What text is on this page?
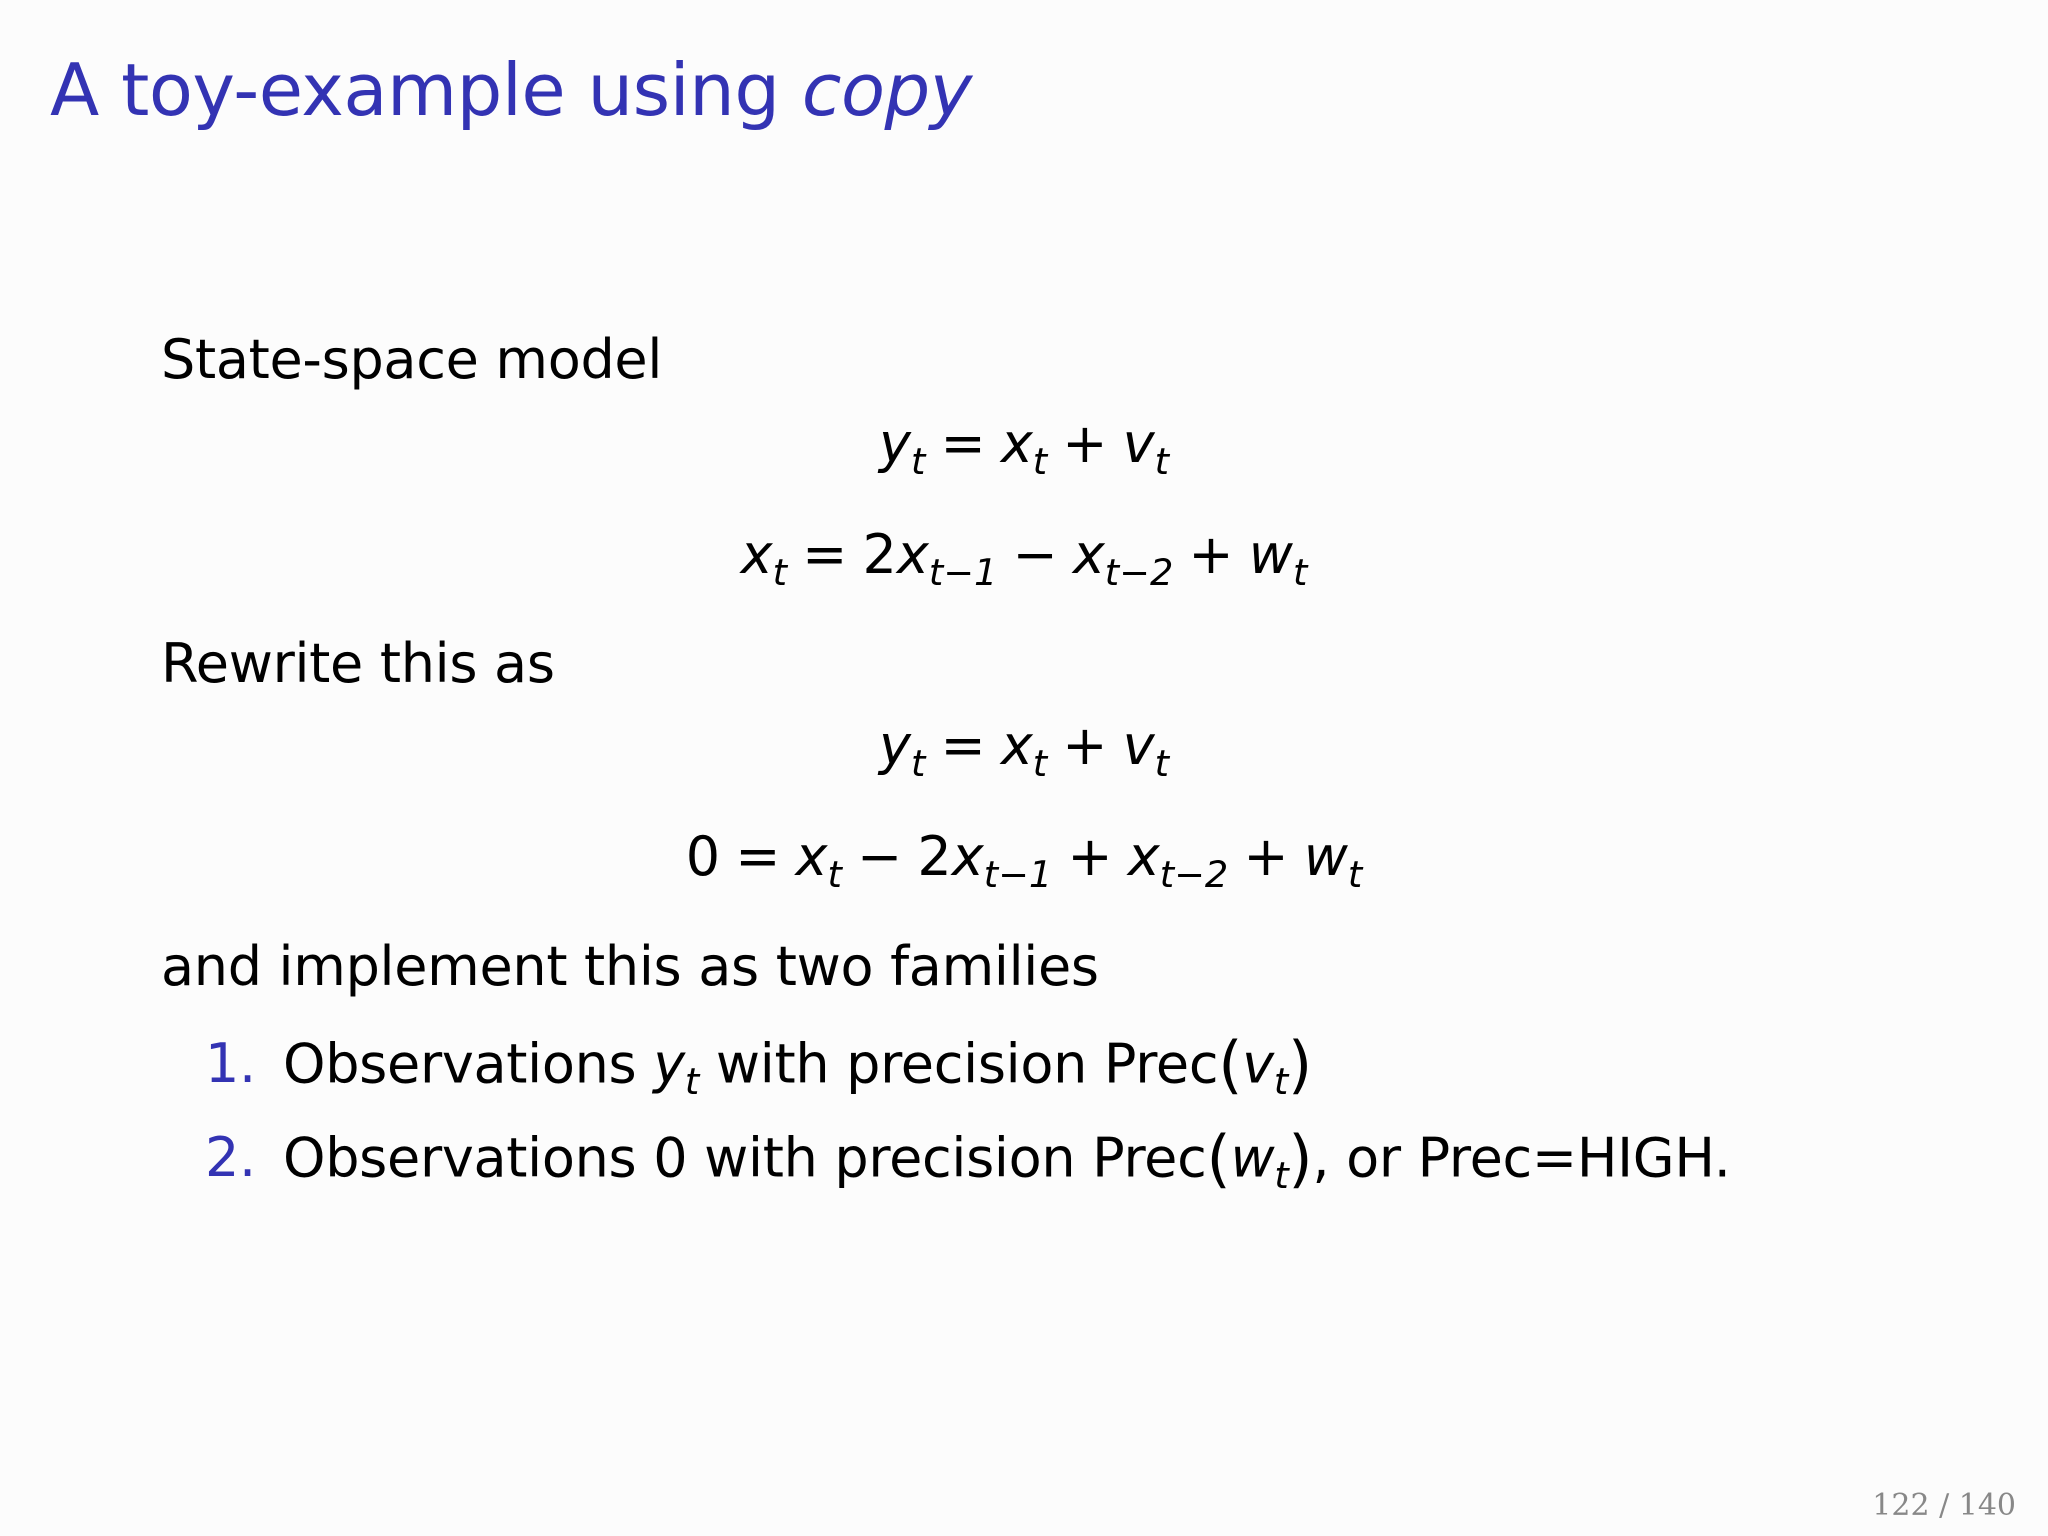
A toy-example using copy
State-space model
$y_t = x_t + v_t$
$x_t = 2x_{t-1} - x_{t-2} + w_t$
Rewrite this as
$y_t = x_t + v_t$
$0 = x_t - 2x_{t-1} + x_{t-2} + w_t$
and implement this as two families
1. Observations $y_t$ with precision $Prec(v_t)$
2. Observations 0 with precision $Prec(w_t)$, or Prec=HIGH.
122 / 140
